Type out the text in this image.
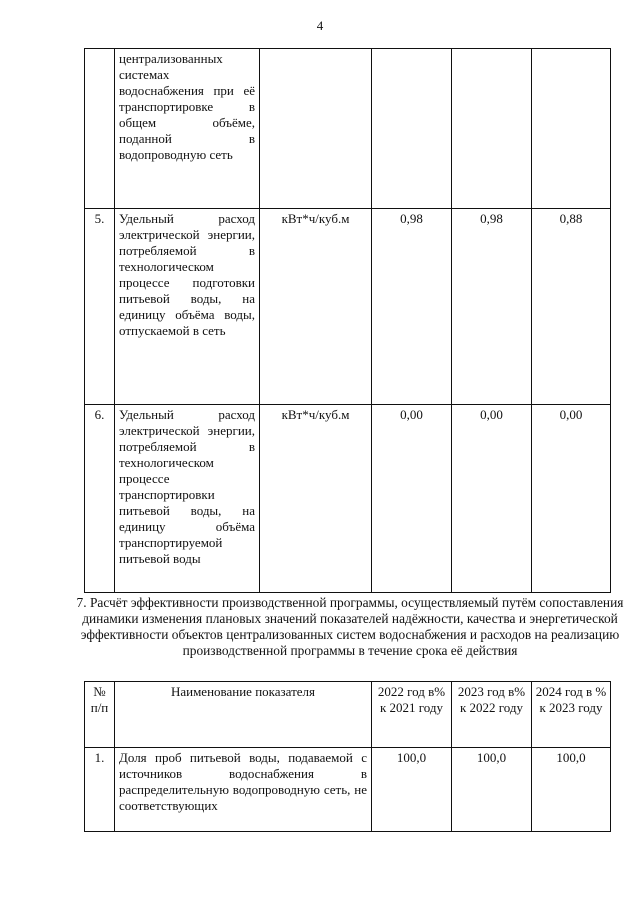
4
	централизованных системах водоснабжения при её транспортировке в общем объёме, поданной в водопроводную сеть				
5.	Удельный расход электрической энергии, потребляемой в технологическом процессе подготовки питьевой воды, на единицу объёма воды, отпускаемой в сеть	кВт*ч/куб.м	0,98	0,98	0,88
6.	Удельный расход электрической энергии, потребляемой в технологическом процессе транспортировки питьевой воды, на единицу объёма транспортируемой питьевой воды	кВт*ч/куб.м	0,00	0,00	0,00
7. Расчёт эффективности производственной программы, осуществляемый путём сопоставления динамики изменения плановых значений показателей надёжности, качества и энергетической эффективности объектов централизованных систем водоснабжения и расходов на реализацию производственной программы в течение срока её действия
№ п/п	Наименование показателя	2022 год в% к 2021 году	2023 год в% к 2022 году	2024 год в % к 2023 году
1.	Доля проб питьевой воды, подаваемой с источников водоснабжения в распределительную водопроводную сеть, не соответствующих	100,0	100,0	100,0
